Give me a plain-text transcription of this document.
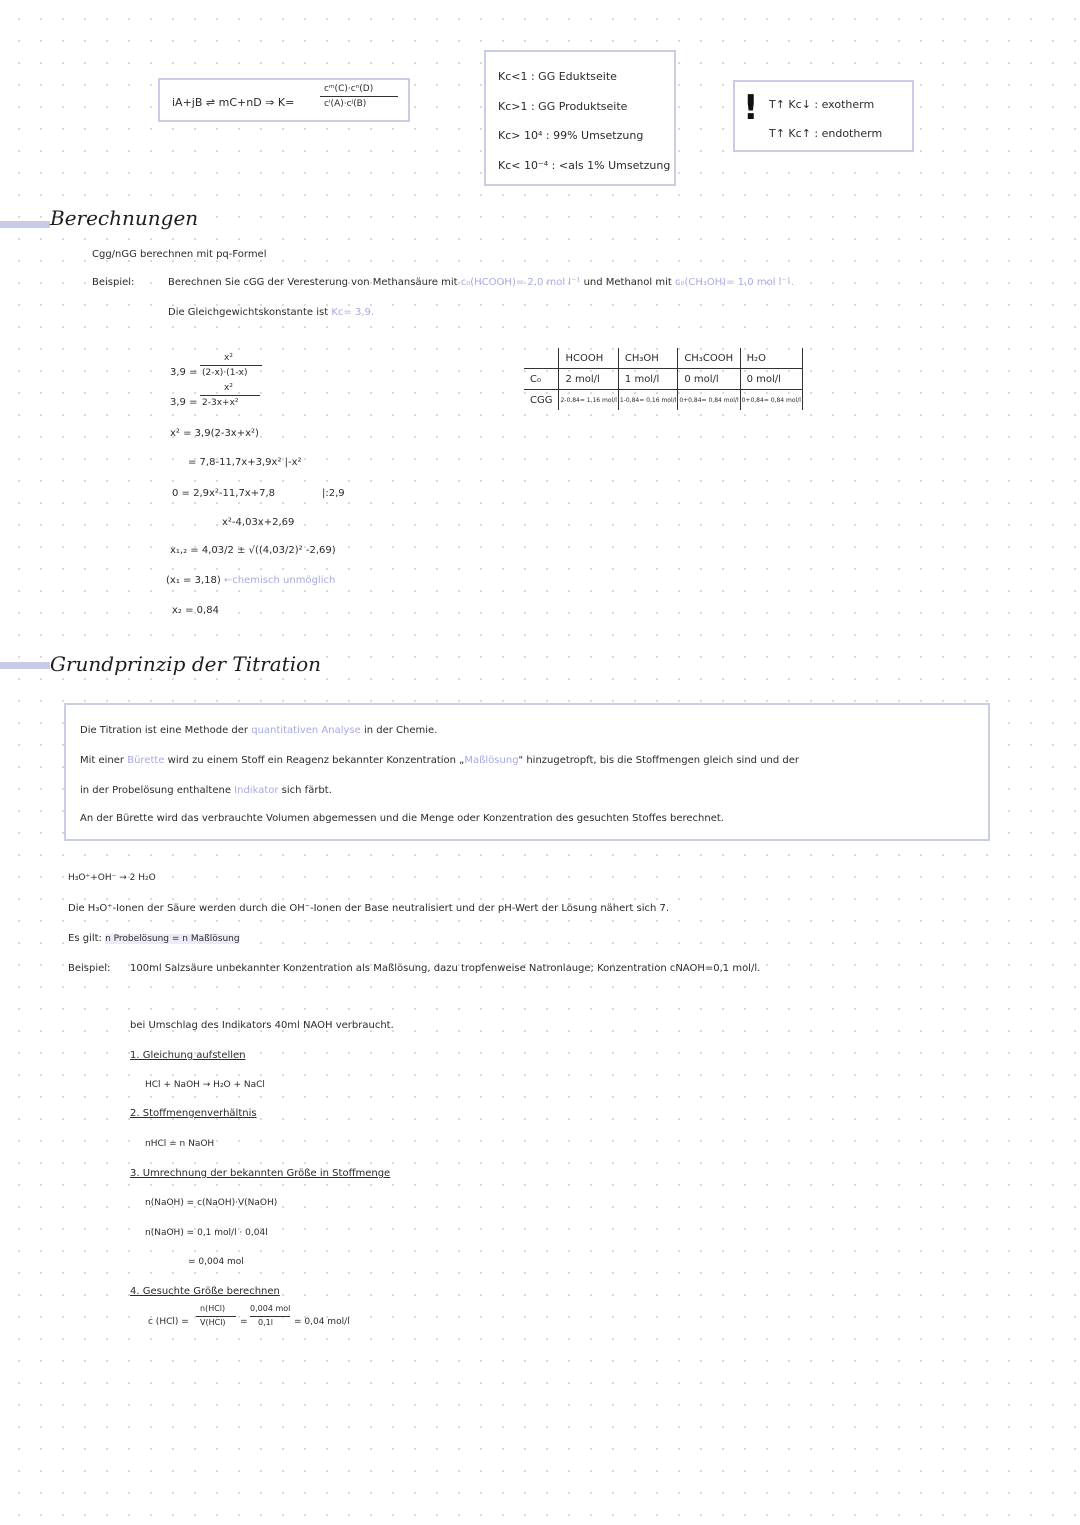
iA+jB ⇌ mC+nD ⇒ K=
cᵐ(C)·cⁿ(D)
cⁱ(A)·cʲ(B)
Kc<1 : GG Eduktseite
Kc>1 : GG Produktseite
Kc> 10⁴ : 99% Umsetzung
Kc< 10⁻⁴ : <als 1% Umsetzung
! T↑ Kc↓ : exotherm
T↑ Kc↑ : endotherm
Berechnungen
Cgg/nGG berechnen mit pq-Formel
Beispiel:	Berechnen Sie cGG der Veresterung von Methansäure mit c₀(HCOOH)= 2,0 mol l⁻¹ und Methanol mit c₀(CH₃OH)= 1,0 mol l⁻¹.
Die Gleichgewichtskonstante ist Kc= 3,9.
3,9 =
x²
(2-x)·(1-x)
3,9 =
x²
2-3x+x²
x² = 3,9(2-3x+x²)
= 7,8-11,7x+3,9x² |-x²
0 = 2,9x²-11,7x+7,8	|:2,9
x²-4,03x+2,69
x₁,₂ = 4,03/2 ± √((4,03/2)² -2,69)
(x₁ = 3,18) ←chemisch unmöglich
x₂ = 0,84
	HCOOH	CH₃OH	CH₃COOH	H₂O
C₀	2 mol/l	1 mol/l	0 mol/l	0 mol/l
CGG	2-0,84= 1,16 mol/l	1-0,84= 0,16 mol/l	0+0,84= 0,84 mol/l	0+0,84= 0,84 mol/l
Grundprinzip der Titration
Die Titration ist eine Methode der quantitativen Analyse in der Chemie.
Mit einer Bürette wird zu einem Stoff ein Reagenz bekannter Konzentration „Maßlösung" hinzugetropft, bis die Stoffmengen gleich sind und der
in der Probelösung enthaltene Indikator sich färbt.
An der Bürette wird das verbrauchte Volumen abgemessen und die Menge oder Konzentration des gesuchten Stoffes berechnet.
H₃O⁺+OH⁻ → 2 H₂O
Die H₃O⁺-Ionen der Säure werden durch die OH⁻-Ionen der Base neutralisiert und der pH-Wert der Lösung nähert sich 7.
Es gilt: n Probelösung = n Maßlösung
Beispiel: 100ml Salzsäure unbekannter Konzentration als Maßlösung, dazu tropfenweise Natronlauge; Konzentration cNAOH=0,1 mol/l.
bei Umschlag des Indikators 40ml NAOH verbraucht.
1. Gleichung aufstellen
HCl + NaOH → H₂O + NaCl
2. Stoffmengenverhältnis
nHCl = n NaOH
3. Umrechnung der bekannten Größe in Stoffmenge
n(NaOH) = c(NaOH)·V(NaOH)
n(NaOH) = 0,1 mol/l · 0,04l
= 0,004 mol
4. Gesuchte Größe berechnen
c (HCl) =
n(HCl)
V(HCl) =
0,004 mol
0,1l = 0,04 mol/l
